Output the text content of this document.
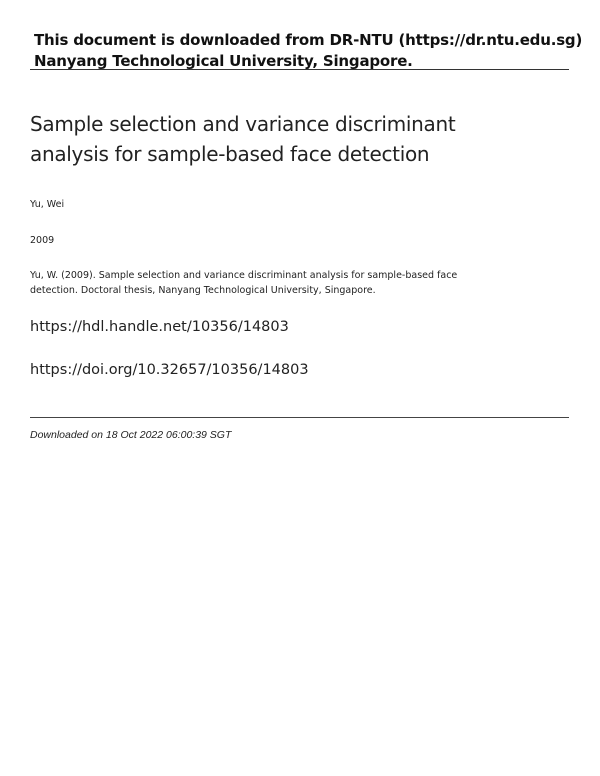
This document is downloaded from DR-NTU (https://dr.ntu.edu.sg)
Nanyang Technological University, Singapore.
Sample selection and variance discriminant
analysis for sample-based face detection
Yu, Wei
2009
Yu, W. (2009). Sample selection and variance discriminant analysis for sample-based face
detection. Doctoral thesis, Nanyang Technological University, Singapore.
https://hdl.handle.net/10356/14803
https://doi.org/10.32657/10356/14803
Downloaded on 18 Oct 2022 06:00:39 SGT
